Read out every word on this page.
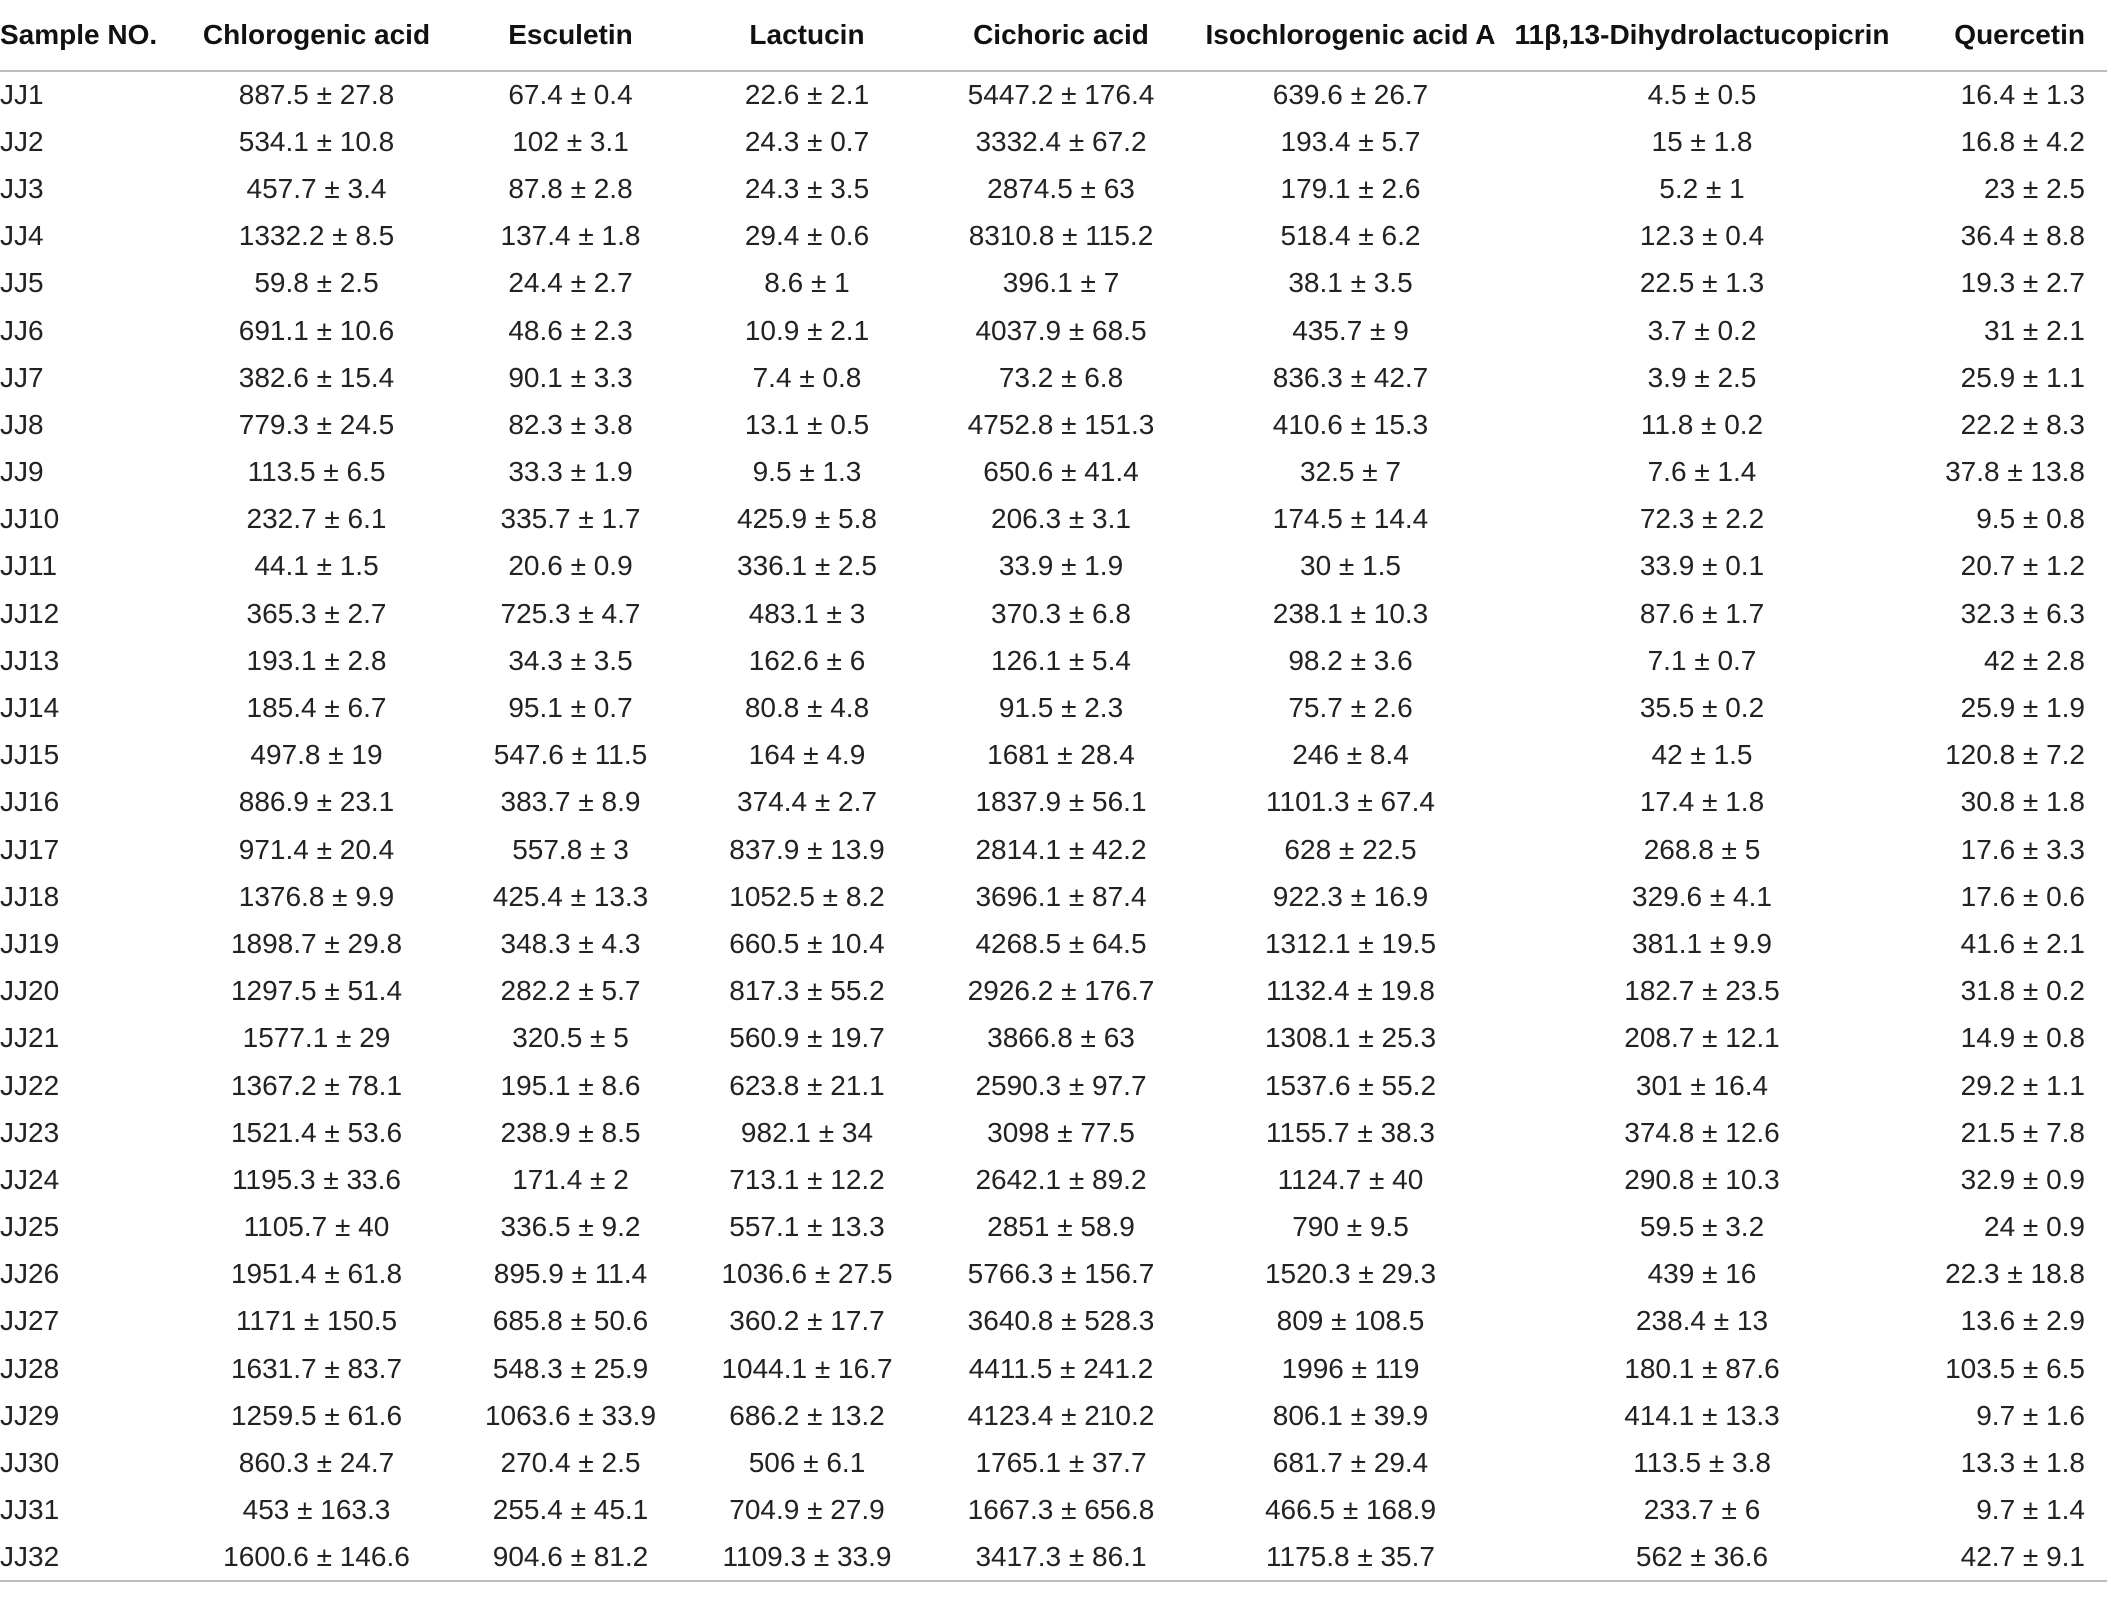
Sample NO.	Chlorogenic acid	Esculetin	Lactucin	Cichoric acid	Isochlorogenic acid A	11β,13-Dihydrolactucopicrin	Quercetin
JJ1	887.5 ± 27.8	67.4 ± 0.4	22.6 ± 2.1	5447.2 ± 176.4	639.6 ± 26.7	4.5 ± 0.5	16.4 ± 1.3
JJ2	534.1 ± 10.8	102 ± 3.1	24.3 ± 0.7	3332.4 ± 67.2	193.4 ± 5.7	15 ± 1.8	16.8 ± 4.2
JJ3	457.7 ± 3.4	87.8 ± 2.8	24.3 ± 3.5	2874.5 ± 63	179.1 ± 2.6	5.2 ± 1	23 ± 2.5
JJ4	1332.2 ± 8.5	137.4 ± 1.8	29.4 ± 0.6	8310.8 ± 115.2	518.4 ± 6.2	12.3 ± 0.4	36.4 ± 8.8
JJ5	59.8 ± 2.5	24.4 ± 2.7	8.6 ± 1	396.1 ± 7	38.1 ± 3.5	22.5 ± 1.3	19.3 ± 2.7
JJ6	691.1 ± 10.6	48.6 ± 2.3	10.9 ± 2.1	4037.9 ± 68.5	435.7 ± 9	3.7 ± 0.2	31 ± 2.1
JJ7	382.6 ± 15.4	90.1 ± 3.3	7.4 ± 0.8	73.2 ± 6.8	836.3 ± 42.7	3.9 ± 2.5	25.9 ± 1.1
JJ8	779.3 ± 24.5	82.3 ± 3.8	13.1 ± 0.5	4752.8 ± 151.3	410.6 ± 15.3	11.8 ± 0.2	22.2 ± 8.3
JJ9	113.5 ± 6.5	33.3 ± 1.9	9.5 ± 1.3	650.6 ± 41.4	32.5 ± 7	7.6 ± 1.4	37.8 ± 13.8
JJ10	232.7 ± 6.1	335.7 ± 1.7	425.9 ± 5.8	206.3 ± 3.1	174.5 ± 14.4	72.3 ± 2.2	9.5 ± 0.8
JJ11	44.1 ± 1.5	20.6 ± 0.9	336.1 ± 2.5	33.9 ± 1.9	30 ± 1.5	33.9 ± 0.1	20.7 ± 1.2
JJ12	365.3 ± 2.7	725.3 ± 4.7	483.1 ± 3	370.3 ± 6.8	238.1 ± 10.3	87.6 ± 1.7	32.3 ± 6.3
JJ13	193.1 ± 2.8	34.3 ± 3.5	162.6 ± 6	126.1 ± 5.4	98.2 ± 3.6	7.1 ± 0.7	42 ± 2.8
JJ14	185.4 ± 6.7	95.1 ± 0.7	80.8 ± 4.8	91.5 ± 2.3	75.7 ± 2.6	35.5 ± 0.2	25.9 ± 1.9
JJ15	497.8 ± 19	547.6 ± 11.5	164 ± 4.9	1681 ± 28.4	246 ± 8.4	42 ± 1.5	120.8 ± 7.2
JJ16	886.9 ± 23.1	383.7 ± 8.9	374.4 ± 2.7	1837.9 ± 56.1	1101.3 ± 67.4	17.4 ± 1.8	30.8 ± 1.8
JJ17	971.4 ± 20.4	557.8 ± 3	837.9 ± 13.9	2814.1 ± 42.2	628 ± 22.5	268.8 ± 5	17.6 ± 3.3
JJ18	1376.8 ± 9.9	425.4 ± 13.3	1052.5 ± 8.2	3696.1 ± 87.4	922.3 ± 16.9	329.6 ± 4.1	17.6 ± 0.6
JJ19	1898.7 ± 29.8	348.3 ± 4.3	660.5 ± 10.4	4268.5 ± 64.5	1312.1 ± 19.5	381.1 ± 9.9	41.6 ± 2.1
JJ20	1297.5 ± 51.4	282.2 ± 5.7	817.3 ± 55.2	2926.2 ± 176.7	1132.4 ± 19.8	182.7 ± 23.5	31.8 ± 0.2
JJ21	1577.1 ± 29	320.5 ± 5	560.9 ± 19.7	3866.8 ± 63	1308.1 ± 25.3	208.7 ± 12.1	14.9 ± 0.8
JJ22	1367.2 ± 78.1	195.1 ± 8.6	623.8 ± 21.1	2590.3 ± 97.7	1537.6 ± 55.2	301 ± 16.4	29.2 ± 1.1
JJ23	1521.4 ± 53.6	238.9 ± 8.5	982.1 ± 34	3098 ± 77.5	1155.7 ± 38.3	374.8 ± 12.6	21.5 ± 7.8
JJ24	1195.3 ± 33.6	171.4 ± 2	713.1 ± 12.2	2642.1 ± 89.2	1124.7 ± 40	290.8 ± 10.3	32.9 ± 0.9
JJ25	1105.7 ± 40	336.5 ± 9.2	557.1 ± 13.3	2851 ± 58.9	790 ± 9.5	59.5 ± 3.2	24 ± 0.9
JJ26	1951.4 ± 61.8	895.9 ± 11.4	1036.6 ± 27.5	5766.3 ± 156.7	1520.3 ± 29.3	439 ± 16	22.3 ± 18.8
JJ27	1171 ± 150.5	685.8 ± 50.6	360.2 ± 17.7	3640.8 ± 528.3	809 ± 108.5	238.4 ± 13	13.6 ± 2.9
JJ28	1631.7 ± 83.7	548.3 ± 25.9	1044.1 ± 16.7	4411.5 ± 241.2	1996 ± 119	180.1 ± 87.6	103.5 ± 6.5
JJ29	1259.5 ± 61.6	1063.6 ± 33.9	686.2 ± 13.2	4123.4 ± 210.2	806.1 ± 39.9	414.1 ± 13.3	9.7 ± 1.6
JJ30	860.3 ± 24.7	270.4 ± 2.5	506 ± 6.1	1765.1 ± 37.7	681.7 ± 29.4	113.5 ± 3.8	13.3 ± 1.8
JJ31	453 ± 163.3	255.4 ± 45.1	704.9 ± 27.9	1667.3 ± 656.8	466.5 ± 168.9	233.7 ± 6	9.7 ± 1.4
JJ32	1600.6 ± 146.6	904.6 ± 81.2	1109.3 ± 33.9	3417.3 ± 86.1	1175.8 ± 35.7	562 ± 36.6	42.7 ± 9.1
